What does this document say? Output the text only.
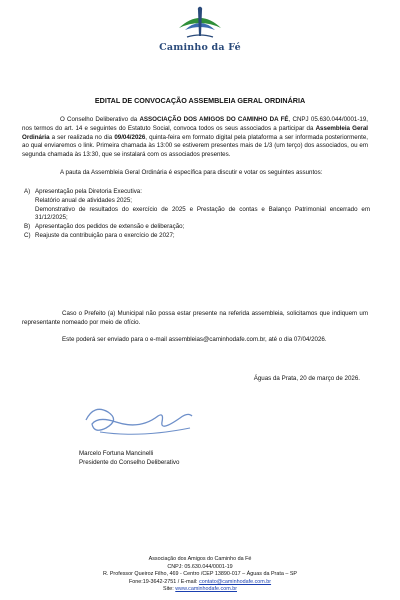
Caminho da Fé
EDITAL DE CONVOCAÇÃO ASSEMBLEIA GERAL ORDINÁRIA
O Conselho Deliberativo da ASSOCIAÇÃO DOS AMIGOS DO CAMINHO DA FÉ, CNPJ 05.630.044/0001-19, nos termos do art. 14 e seguintes do Estatuto Social, convoca todos os seus associados a participar da Assembleia Geral Ordinária a ser realizada no dia 09/04/2026, quinta-feira em formato digital pela plataforma a ser informada posteriormente, ao qual enviaremos o link. Primeira chamada às 13:00 se estiverem presentes mais de 1/3 (um terço) dos associados, ou em segunda chamada às 13:30, que se instalará com os associados presentes.
A pauta da Assembleia Geral Ordinária é específica para discutir e votar os seguintes assuntos:
A) Apresentação pela Diretoria Executiva:
Relatório anual de atividades 2025;
Demonstrativo de resultados do exercício de 2025 e Prestação de contas e Balanço Patrimonial encerrado em 31/12/2025;
B) Apresentação dos pedidos de extensão e deliberação;
C) Reajuste da contribuição para o exercício de 2027;
Caso o Prefeito (a) Municipal não possa estar presente na referida assembleia, solicitamos que indiquem um representante nomeado por meio de ofício.
Este poderá ser enviado para o e-mail assembleias@caminhodafe.com.br, até o dia 07/04/2026.
Águas da Prata, 20 de março de 2026.
Marcelo Fortuna Mancinelli
Presidente do Conselho Deliberativo
Associação dos Amigos do Caminho da Fé
CNPJ: 05.630.044/0001-19
R. Professor Queiroz Filho, 469 - Centro /CEP 13890-017 – Águas da Prata – SP
Fone:19-3642-2751 / E-mail: contato@caminhodafe.com.br
Site: www.caminhodafe.com.br
